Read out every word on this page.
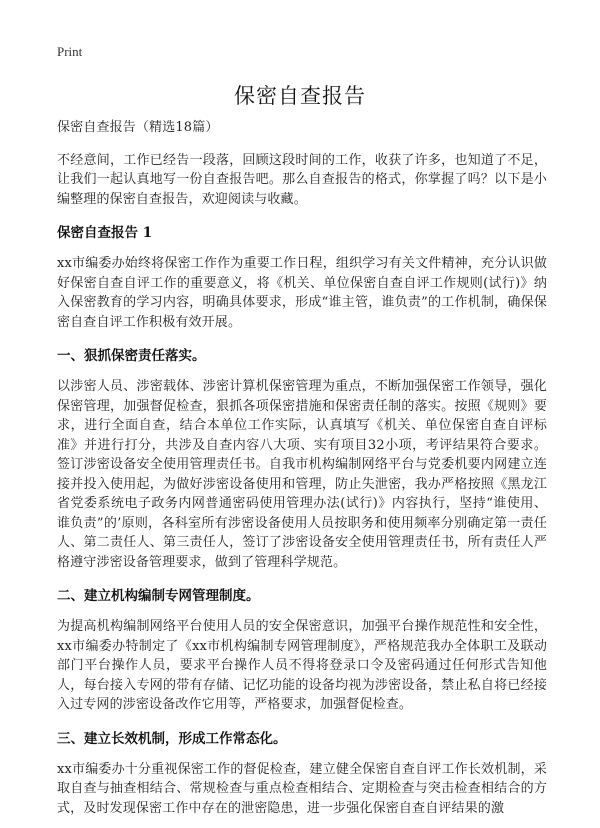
Print
保密自查报告

保密自查报告（精选18篇）

不经意间，工作已经告一段落，回顾这段时间的工作，收获了许多，也知道了不足，让我们一起认真地写一份自查报告吧。那么自查报告的格式，你掌握了吗？以下是小编整理的保密自查报告，欢迎阅读与收藏。

保密自查报告 1

xx市编委办始终将保密工作作为重要工作日程，组织学习有关文件精神，充分认识做好保密自查自评工作的重要意义，将《机关、单位保密自查自评工作规则(试行)》纳入保密教育的学习内容，明确具体要求，形成“谁主管，谁负责”的工作机制，确保保密自查自评工作积极有效开展。

一、狠抓保密责任落实。

以涉密人员、涉密载体、涉密计算机保密管理为重点，不断加强保密工作领导，强化保密管理，加强督促检查，狠抓各项保密措施和保密责任制的落实。按照《规则》要求，进行全面自查，结合本单位工作实际，认真填写《机关、单位保密自查自评标准》并进行打分，共涉及自查内容八大项、实有项目32小项，考评结果符合要求。签订涉密设备安全使用管理责任书。自我市机构编制网络平台与党委机要内网建立连接并投入使用起，为做好涉密设备使用和管理，防止失泄密，我办严格按照《黑龙江省党委系统电子政务内网普通密码使用管理办法(试行)》内容执行，坚持“谁使用、谁负责”的’原则，各科室所有涉密设备使用人员按职务和使用频率分别确定第一责任人、第二责任人、第三责任人，签订了涉密设备安全使用管理责任书，所有责任人严格遵守涉密设备管理要求，做到了管理科学规范。

二、建立机构编制专网管理制度。

为提高机构编制网络平台使用人员的安全保密意识，加强平台操作规范性和安全性，xx市编委办特制定了《xx市机构编制专网管理制度》，严格规范我办全体职工及联动部门平台操作人员，要求平台操作人员不得将登录口令及密码通过任何形式告知他人，每台接入专网的带有存储、记忆功能的设备均视为涉密设备，禁止私自将已经接入过专网的涉密设备改作它用等，严格要求，加强督促检查。

三、建立长效机制，形成工作常态化。

xx市编委办十分重视保密工作的督促检查，建立健全保密自查自评工作长效机制，采取自查与抽查相结合、常规检查与重点检查相结合、定期检查与突击检查相结合的方式，及时发现保密工作中存在的泄密隐患，进一步强化保密自查自评结果的激
